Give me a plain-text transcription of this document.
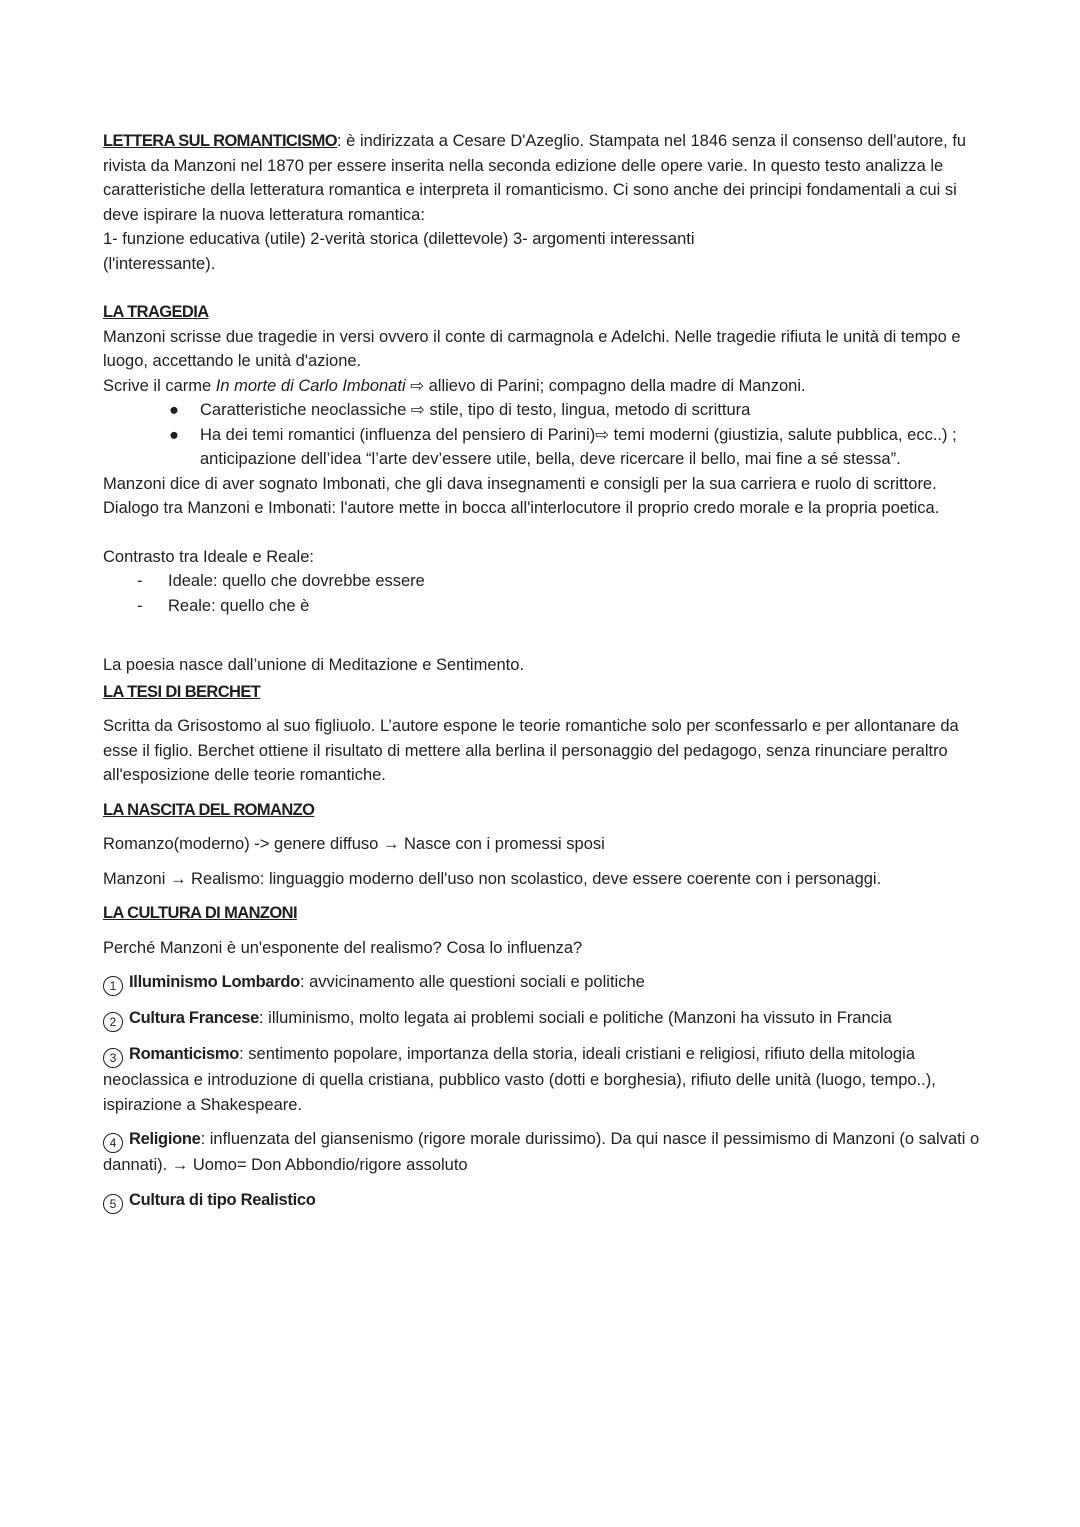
LETTERA SUL ROMANTICISMO: è indirizzata a Cesare D'Azeglio. Stampata nel 1846 senza il consenso dell'autore, fu rivista da Manzoni nel 1870 per essere inserita nella seconda edizione delle opere varie. In questo testo analizza le caratteristiche della letteratura romantica e interpreta il romanticismo. Ci sono anche dei principi fondamentali a cui si deve ispirare la nuova letteratura romantica:

1- funzione educativa (utile) 2-verità storica (dilettevole) 3- argomenti interessanti

(l'interessante).

LA TRAGEDIA

Manzoni scrisse due tragedie in versi ovvero il conte di carmagnola e Adelchi. Nelle tragedie rifiuta le unità di tempo e luogo, accettando le unità d'azione.

Scrive il carme In morte di Carlo Imbonati ⇨ allievo di Parini; compagno della madre di Manzoni.

● Caratteristiche neoclassiche ⇨ stile, tipo di testo, lingua, metodo di scrittura
● Ha dei temi romantici (influenza del pensiero di Parini)⇨ temi moderni (giustizia, salute pubblica, ecc..) ; anticipazione dell’idea “l’arte dev’essere utile, bella, deve ricercare il bello, mai fine a sé stessa”.

Manzoni dice di aver sognato Imbonati, che gli dava insegnamenti e consigli per la sua carriera e ruolo di scrittore. Dialogo tra Manzoni e Imbonati: l'autore mette in bocca all'interlocutore il proprio credo morale e la propria poetica.

Contrasto tra Ideale e Reale:

- Ideale: quello che dovrebbe essere
- Reale: quello che è

La poesia nasce dall’unione di Meditazione e Sentimento.

LA TESI DI BERCHET

Scritta da Grisostomo al suo figliuolo. L’autore espone le teorie romantiche solo per sconfessarlo e per allontanare da esse il figlio. Berchet ottiene il risultato di mettere alla berlina il personaggio del pedagogo, senza rinunciare peraltro all'esposizione delle teorie romantiche.

LA NASCITA DEL ROMANZO

Romanzo(moderno) -> genere diffuso → Nasce con i promessi sposi

Manzoni → Realismo: linguaggio moderno dell'uso non scolastico, deve essere coerente con i personaggi.

LA CULTURA DI MANZONI

Perché Manzoni è un'esponente del realismo? Cosa lo influenza?

1 Illuminismo Lombardo: avvicinamento alle questioni sociali e politiche

2 Cultura Francese: illuminismo, molto legata ai problemi sociali e politiche (Manzoni ha vissuto in Francia

3 Romanticismo: sentimento popolare, importanza della storia, ideali cristiani e religiosi, rifiuto della mitologia neoclassica e introduzione di quella cristiana, pubblico vasto (dotti e borghesia), rifiuto delle unità (luogo, tempo..), ispirazione a Shakespeare.

4 Religione: influenzata del giansenismo (rigore morale durissimo). Da qui nasce il pessimismo di Manzoni (o salvati o dannati). → Uomo= Don Abbondio/rigore assoluto

5 Cultura di tipo Realistico
